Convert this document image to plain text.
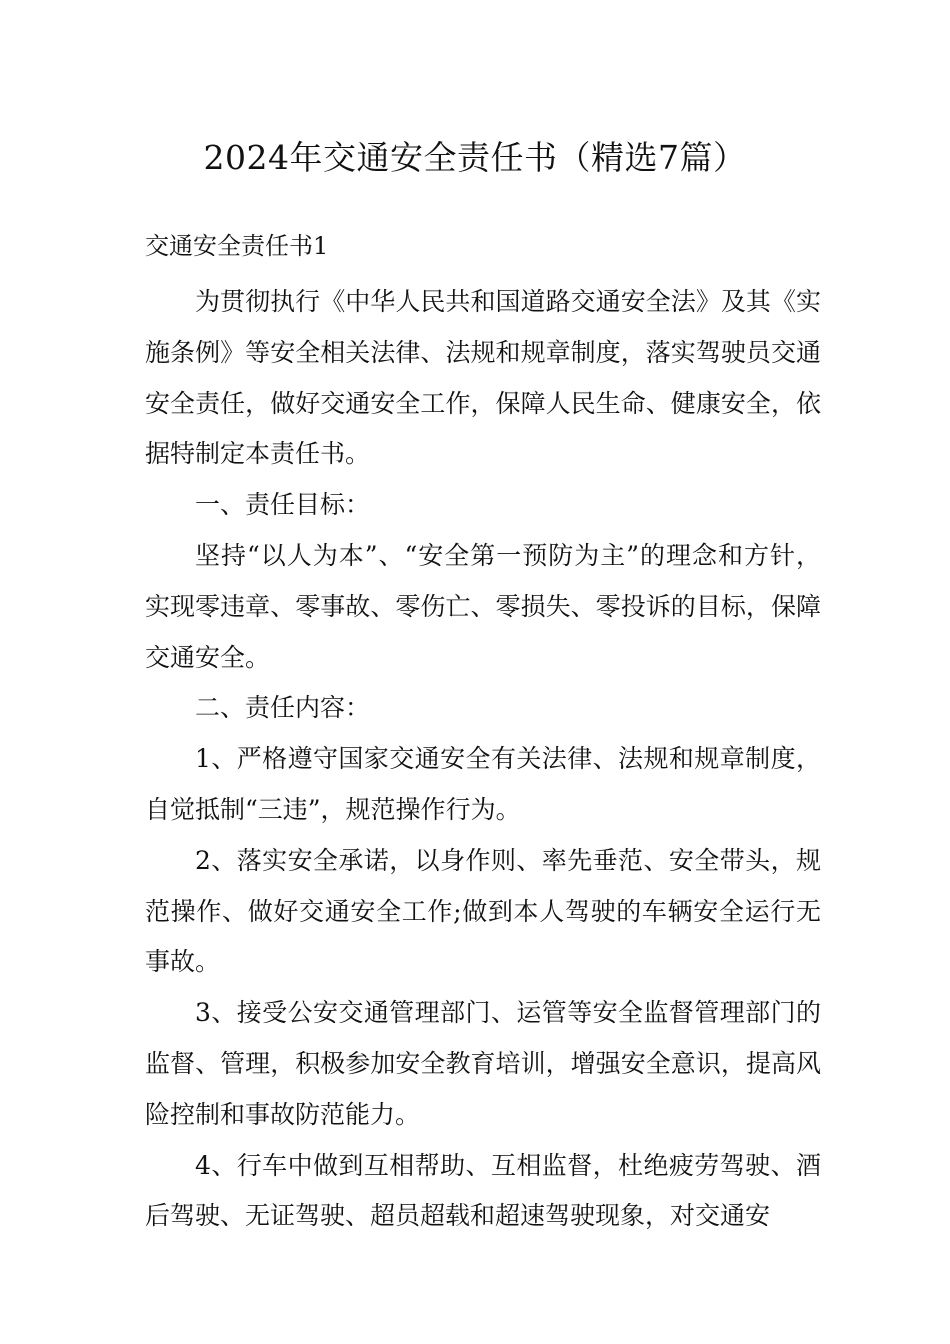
2024年交通安全责任书（精选7篇）
交通安全责任书1

为贯彻执行《中华人民共和国道路交通安全法》及其《实施条例》等安全相关法律、法规和规章制度，落实驾驶员交通安全责任，做好交通安全工作，保障人民生命、健康安全，依据特制定本责任书。

一、责任目标：

坚持“以人为本”、“安全第一预防为主”的理念和方针，实现零违章、零事故、零伤亡、零损失、零投诉的目标，保障交通安全。

二、责任内容：

1、严格遵守国家交通安全有关法律、法规和规章制度，自觉抵制“三违”，规范操作行为。

2、落实安全承诺，以身作则、率先垂范、安全带头，规范操作、做好交通安全工作;做到本人驾驶的车辆安全运行无事故。

3、接受公安交通管理部门、运管等安全监督管理部门的监督、管理，积极参加安全教育培训，增强安全意识，提高风险控制和事故防范能力。

4、行车中做到互相帮助、互相监督，杜绝疲劳驾驶、酒后驾驶、无证驾驶、超员超载和超速驾驶现象，对交通安
